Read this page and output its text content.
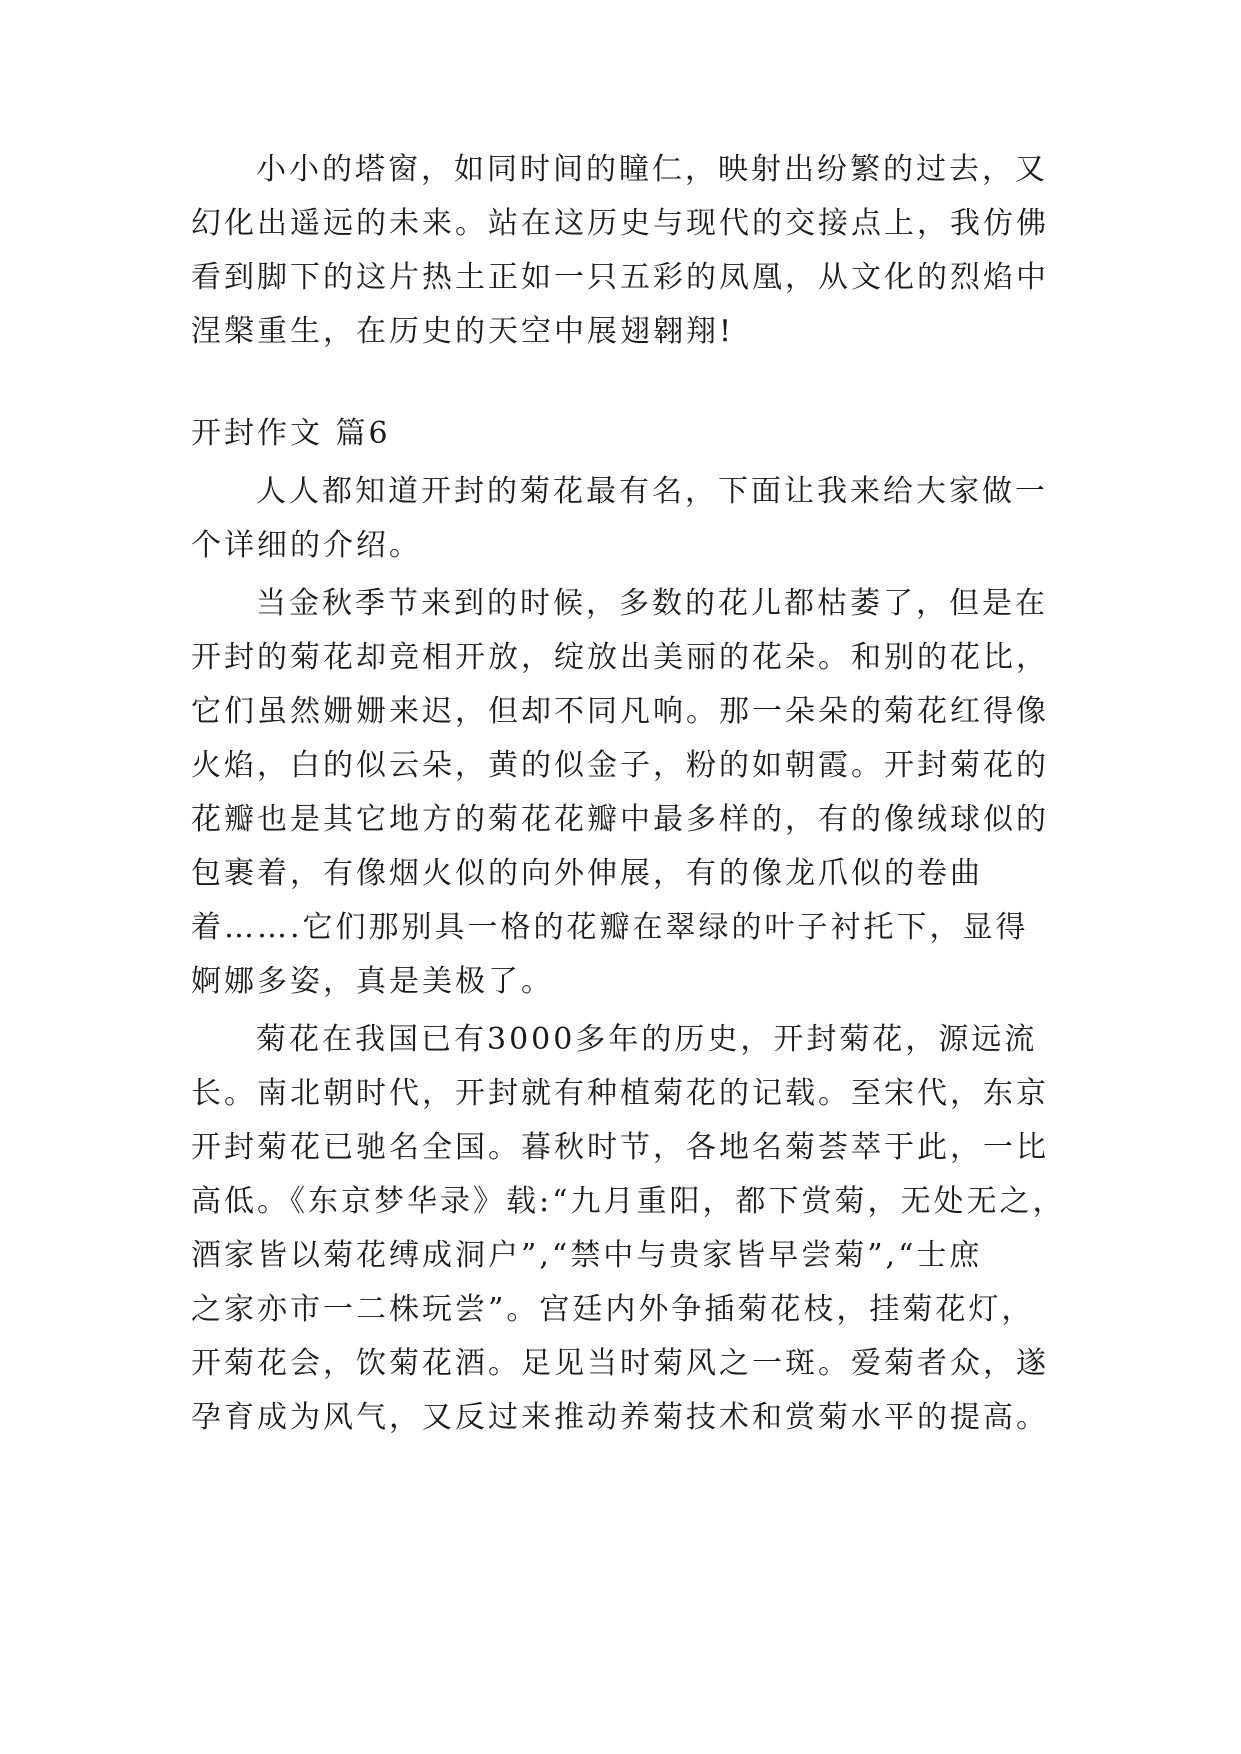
小小的塔窗，如同时间的瞳仁，映射出纷繁的过去，又
幻化出遥远的未来。站在这历史与现代的交接点上，我仿佛
看到脚下的这片热土正如一只五彩的凤凰，从文化的烈焰中
涅槃重生，在历史的天空中展翅翱翔!
开封作文 篇6
人人都知道开封的菊花最有名，下面让我来给大家做一
个详细的介绍。
当金秋季节来到的时候，多数的花儿都枯萎了，但是在
开封的菊花却竞相开放，绽放出美丽的花朵。和别的花比，
它们虽然姗姗来迟，但却不同凡响。那一朵朵的菊花红得像
火焰，白的似云朵，黄的似金子，粉的如朝霞。开封菊花的
花瓣也是其它地方的菊花花瓣中最多样的，有的像绒球似的
包裹着，有像烟火似的向外伸展，有的像龙爪似的卷曲
着…….它们那别具一格的花瓣在翠绿的叶子衬托下，显得
婀娜多姿，真是美极了。
菊花在我国已有3000多年的历史，开封菊花，源远流
长。南北朝时代，开封就有种植菊花的记载。至宋代，东京
开封菊花已驰名全国。暮秋时节，各地名菊荟萃于此，一比
高低。《东京梦华录》载:“九月重阳，都下赏菊，无处无之，
酒家皆以菊花缚成洞户”,“禁中与贵家皆早尝菊”,“士庶
之家亦市一二株玩尝”。宫廷内外争插菊花枝，挂菊花灯，
开菊花会，饮菊花酒。足见当时菊风之一斑。爱菊者众，遂
孕育成为风气，又反过来推动养菊技术和赏菊水平的提高。
